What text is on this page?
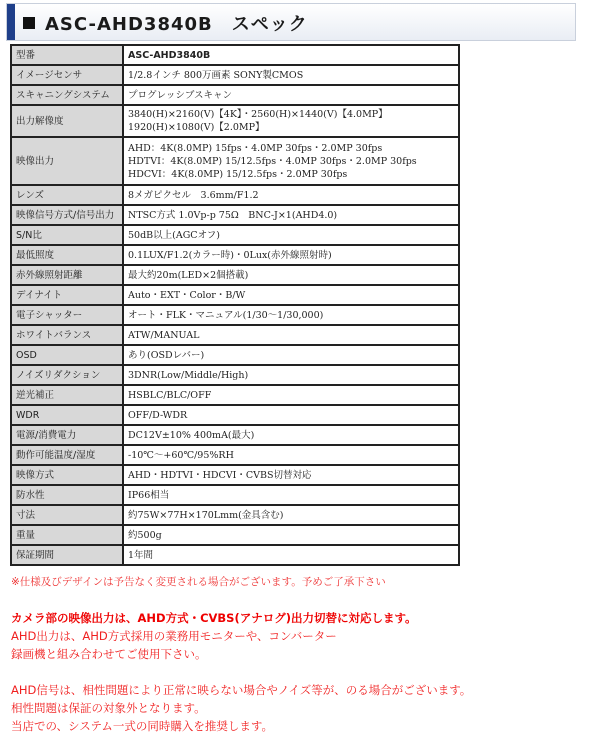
ASC-AHD3840B　スペック
型番	ASC-AHD3840B
イメージセンサ	1/2.8インチ 800万画素 SONY製CMOS
スキャニングシステム	プログレッシブスキャン
出力解像度	3840(H)×2160(V)【4K】・2560(H)×1440(V)【4.0MP】
1920(H)×1080(V)【2.0MP】

映像出力	AHD：4K(8.0MP) 15fps・4.0MP 30fps・2.0MP 30fps
HDTVI：4K(8.0MP) 15/12.5fps・4.0MP 30fps・2.0MP 30fps
HDCVI：4K(8.0MP) 15/12.5fps・2.0MP 30fps

レンズ	8メガピクセル　3.6mm/F1.2
映像信号方式/信号出力	NTSC方式 1.0Vp-p 75Ω　BNC-J×1(AHD4.0)
S/N比	50dB以上(AGCオフ)
最低照度	0.1LUX/F1.2(カラー時)・0Lux(赤外線照射時)
赤外線照射距離	最大約20m(LED×2個搭載)
デイナイト	Auto・EXT・Color・B/W
電子シャッター	オート・FLK・マニュアル(1/30～1/30,000)
ホワイトバランス	ATW/MANUAL
OSD	あり(OSDレバー)
ノイズリダクション	3DNR(Low/Middle/High)
逆光補正	HSBLC/BLC/OFF
WDR	OFF/D-WDR
電源/消費電力	DC12V±10% 400mA(最大)
動作可能温度/湿度	-10℃～+60℃/95%RH
映像方式	AHD・HDTVI・HDCVI・CVBS切替対応
防水性	IP66相当
寸法	約75W×77H×170Lmm(金具含む)
重量	約500g
保証期間	1年間
※仕様及びデザインは予告なく変更される場合がございます。予めご了承下さい
カメラ部の映像出力は、AHD方式・CVBS(アナログ)出力切替に対応します。
AHD出力は、AHD方式採用の業務用モニターや、コンバーター
録画機と組み合わせてご使用下さい。
AHD信号は、相性問題により正常に映らない場合やノイズ等が、のる場合がございます。
相性問題は保証の対象外となります。
当店での、システム一式の同時購入を推奨します。
